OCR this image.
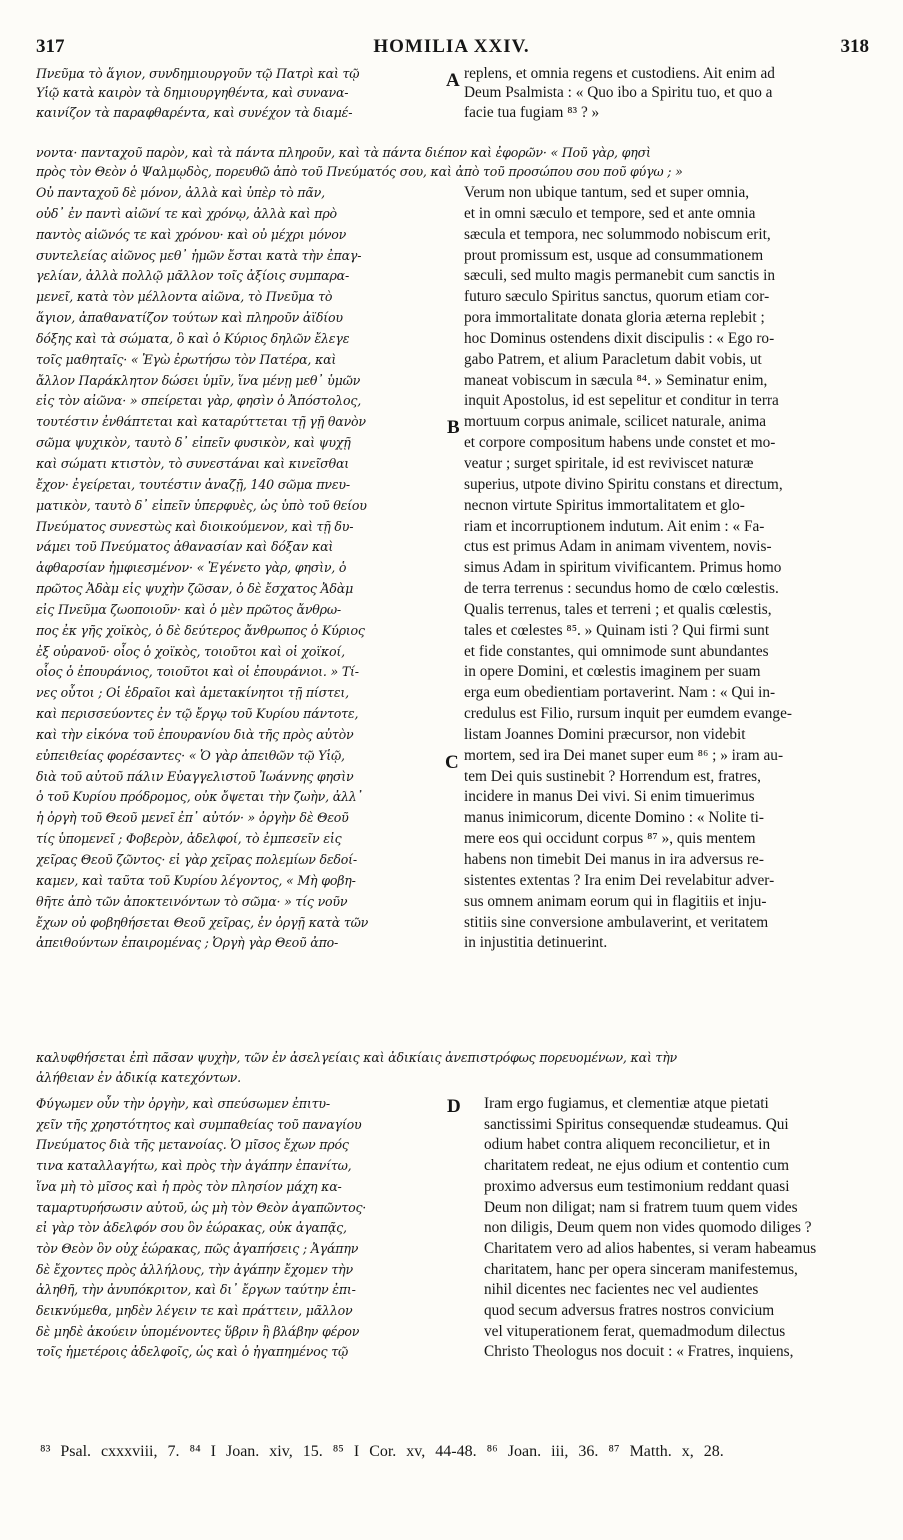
317	HOMILIA XXIV.	318
Πνεῦμα τὸ ἅγιον, συνδημιουργοῦν τῷ Πατρὶ καὶ τῷ
Υἱῷ κατὰ καιρὸν τὰ δημιουργηθέντα, καὶ συνανα-
καινίζον τὰ παραφθαρέντα, καὶ συνέχον τὰ διαμέ-
replens, et omnia regens et custodiens. Ait enim ad
Deum Psalmista : « Quo ibo a Spiritu tuo, et quo a
facie tua fugiam ⁸³ ? »
νοντα· πανταχοῦ παρὸν, καὶ τὰ πάντα πληροῦν, καὶ τὰ πάντα διέπον καὶ ἐφορῶν· « Ποῦ γὰρ, φησὶ
πρὸς τὸν Θεὸν ὁ Ψαλμῳδὸς, πορευθῶ ἀπὸ τοῦ Πνεύματός σου, καὶ ἀπὸ τοῦ προσώπου σου ποῦ φύγω ; »
Οὐ πανταχοῦ δὲ μόνον, ἀλλὰ καὶ ὑπὲρ τὸ πᾶν,
οὐδ᾽ ἐν παντὶ αἰῶνί τε καὶ χρόνῳ, ἀλλὰ καὶ πρὸ
παντὸς αἰῶνός τε καὶ χρόνου· καὶ οὐ μέχρι μόνον
συντελείας αἰῶνος μεθ᾽ ἡμῶν ἔσται κατὰ τὴν ἐπαγ-
γελίαν, ἀλλὰ πολλῷ μᾶλλον τοῖς ἀξίοις συμπαρα-
μενεῖ, κατὰ τὸν μέλλοντα αἰῶνα, τὸ Πνεῦμα τὸ
ἅγιον, ἀπαθανατίζον τούτων καὶ πληροῦν ἀϊδίου
δόξης καὶ τὰ σώματα, ὃ καὶ ὁ Κύριος δηλῶν ἔλεγε
τοῖς μαθηταῖς· « Ἐγὼ ἐρωτήσω τὸν Πατέρα, καὶ
ἄλλον Παράκλητον δώσει ὑμῖν, ἵνα μένῃ μεθ᾽ ὑμῶν
εἰς τὸν αἰῶνα· » σπείρεται γὰρ, φησὶν ὁ Ἀπόστολος,
τουτέστιν ἐνθάπτεται καὶ καταρύττεται τῇ γῇ θανὸν
σῶμα ψυχικὸν, ταυτὸ δ᾽ εἰπεῖν φυσικὸν, καὶ ψυχῇ
καὶ σώματι κτιστὸν, τὸ συνεστάναι καὶ κινεῖσθαι
ἔχον· ἐγείρεται, τουτέστιν ἀναζῇ, 140 σῶμα πνευ-
ματικὸν, ταυτὸ δ᾽ εἰπεῖν ὑπερφυὲς, ὡς ὑπὸ τοῦ θείου
Πνεύματος συνεστὼς καὶ διοικούμενον, καὶ τῇ δυ-
νάμει τοῦ Πνεύματος ἀθανασίαν καὶ δόξαν καὶ
ἀφθαρσίαν ἠμφιεσμένον· « Ἐγένετο γὰρ, φησὶν, ὁ
πρῶτος Ἀδὰμ εἰς ψυχὴν ζῶσαν, ὁ δὲ ἔσχατος Ἀδὰμ
εἰς Πνεῦμα ζωοποιοῦν· καὶ ὁ μὲν πρῶτος ἄνθρω-
πος ἐκ γῆς χοϊκὸς, ὁ δὲ δεύτερος ἄνθρωπος ὁ Κύριος
ἐξ οὐρανοῦ· οἷος ὁ χοϊκὸς, τοιοῦτοι καὶ οἱ χοϊκοί,
οἷος ὁ ἐπουράνιος, τοιοῦτοι καὶ οἱ ἐπουράνιοι. » Τί-
νες οὗτοι ; Οἱ ἑδραῖοι καὶ ἀμετακίνητοι τῇ πίστει,
καὶ περισσεύοντες ἐν τῷ ἔργῳ τοῦ Κυρίου πάντοτε,
καὶ τὴν εἰκόνα τοῦ ἐπουρανίου διὰ τῆς πρὸς αὐτὸν
εὐπειθείας φορέσαντες· « Ὁ γὰρ ἀπειθῶν τῷ Υἱῷ,
διὰ τοῦ αὐτοῦ πάλιν Εὐαγγελιστοῦ Ἰωάννης φησὶν
ὁ τοῦ Κυρίου πρόδρομος, οὐκ ὄψεται τὴν ζωὴν, ἀλλ᾽
ἡ ὀργὴ τοῦ Θεοῦ μενεῖ ἐπ᾽ αὐτόν· » ὀργὴν δὲ Θεοῦ
τίς ὑπομενεῖ ; Φοβερὸν, ἀδελφοί, τὸ ἐμπεσεῖν εἰς
χεῖρας Θεοῦ ζῶντος· εἰ γὰρ χεῖρας πολεμίων δεδοί-
καμεν, καὶ ταῦτα τοῦ Κυρίου λέγοντος, « Μὴ φοβη-
θῆτε ἀπὸ τῶν ἀποκτεινόντων τὸ σῶμα· » τίς νοῦν
ἔχων οὐ φοβηθήσεται Θεοῦ χεῖρας, ἐν ὀργῇ κατὰ τῶν
ἀπειθούντων ἐπαιρομένας ; Ὀργὴ γὰρ Θεοῦ ἀπο-
Verum non ubique tantum, sed et super omnia,
et in omni sæculo et tempore, sed et ante omnia
sæcula et tempora, nec solummodo nobiscum erit,
prout promissum est, usque ad consummationem
sæculi, sed multo magis permanebit cum sanctis in
futuro sæculo Spiritus sanctus, quorum etiam cor-
pora immortalitate donata gloria æterna replebit ;
hoc Dominus ostendens dixit discipulis : « Ego ro-
gabo Patrem, et alium Paracletum dabit vobis, ut
maneat vobiscum in sæcula ⁸⁴. » Seminatur enim,
inquit Apostolus, id est sepelitur et conditur in terra
mortuum corpus animale, scilicet naturale, anima
et corpore compositum habens unde constet et mo-
veatur ; surget spiritale, id est reviviscet naturæ
superius, utpote divino Spiritu constans et directum,
necnon virtute Spiritus immortalitatem et glo-
riam et incorruptionem indutum. Ait enim : « Fa-
ctus est primus Adam in animam viventem, novis-
simus Adam in spiritum vivificantem. Primus homo
de terra terrenus : secundus homo de cœlo cœlestis.
Qualis terrenus, tales et terreni ; et qualis cœlestis,
tales et cœlestes ⁸⁵. » Quinam isti ? Qui firmi sunt
et fide constantes, qui omnimode sunt abundantes
in opere Domini, et cœlestis imaginem per suam
erga eum obedientiam portaverint. Nam : « Qui in-
credulus est Filio, rursum inquit per eumdem evange-
listam Joannes Domini præcursor, non videbit
mortem, sed ira Dei manet super eum ⁸⁶ ; » iram au-
tem Dei quis sustinebit ? Horrendum est, fratres,
incidere in manus Dei vivi. Si enim timuerimus
manus inimicorum, dicente Domino : « Nolite ti-
mere eos qui occidunt corpus ⁸⁷ », quis mentem
habens non timebit Dei manus in ira adversus re-
sistentes extentas ? Ira enim Dei revelabitur adver-
sus omnem animam eorum qui in flagitiis et inju-
stitiis sine conversione ambulaverint, et veritatem
in injustitia detinuerint.
καλυφθήσεται ἐπὶ πᾶσαν ψυχὴν, τῶν ἐν ἀσελγείαις καὶ ἀδικίαις ἀνεπιστρόφως πορευομένων, καὶ τὴν
ἀλήθειαν ἐν ἀδικίᾳ κατεχόντων.
Φύγωμεν οὖν τὴν ὀργὴν, καὶ σπεύσωμεν ἐπιτυ-
χεῖν τῆς χρηστότητος καὶ συμπαθείας τοῦ παναγίου
Πνεύματος διὰ τῆς μετανοίας. Ὁ μῖσος ἔχων πρός
τινα καταλλαγήτω, καὶ πρὸς τὴν ἀγάπην ἐπανίτω,
ἵνα μὴ τὸ μῖσος καὶ ἡ πρὸς τὸν πλησίον μάχη κα-
ταμαρτυρήσωσιν αὐτοῦ, ὡς μὴ τὸν Θεὸν ἀγαπῶντος·
εἰ γὰρ τὸν ἀδελφόν σου ὃν ἑώρακας, οὐκ ἀγαπᾷς,
τὸν Θεὸν ὃν οὐχ ἑώρακας, πῶς ἀγαπήσεις ; Ἀγάπην
δὲ ἔχοντες πρὸς ἀλλήλους, τὴν ἀγάπην ἔχομεν τὴν
ἀληθῆ, τὴν ἀνυπόκριτον, καὶ δι᾽ ἔργων ταύτην ἐπι-
δεικνύμεθα, μηδὲν λέγειν τε καὶ πράττειν, μᾶλλον
δὲ μηδὲ ἀκούειν ὑπομένοντες ὕβριν ἢ βλάβην φέρον
τοῖς ἡμετέροις ἀδελφοῖς, ὡς καὶ ὁ ἠγαπημένος τῷ
Iram ergo fugiamus, et clementiæ atque pietati
sanctissimi Spiritus consequendæ studeamus. Qui
odium habet contra aliquem reconcilietur, et in
charitatem redeat, ne ejus odium et contentio cum
proximo adversus eum testimonium reddant quasi
Deum non diligat; nam si fratrem tuum quem vides
non diligis, Deum quem non vides quomodo diliges ?
Charitatem vero ad alios habentes, si veram habeamus
charitatem, hanc per opera sinceram manifestemus,
nihil dicentes nec facientes nec vel audientes
quod secum adversus fratres nostros convicium
vel vituperationem ferat, quemadmodum dilectus
Christo Theologus nos docuit : « Fratres, inquiens,
A
B
C
D
⁸³ Psal. cxxxviii, 7. ⁸⁴ I Joan. xiv, 15. ⁸⁵ I Cor. xv, 44-48. ⁸⁶ Joan. iii, 36. ⁸⁷ Matth. x, 28.
